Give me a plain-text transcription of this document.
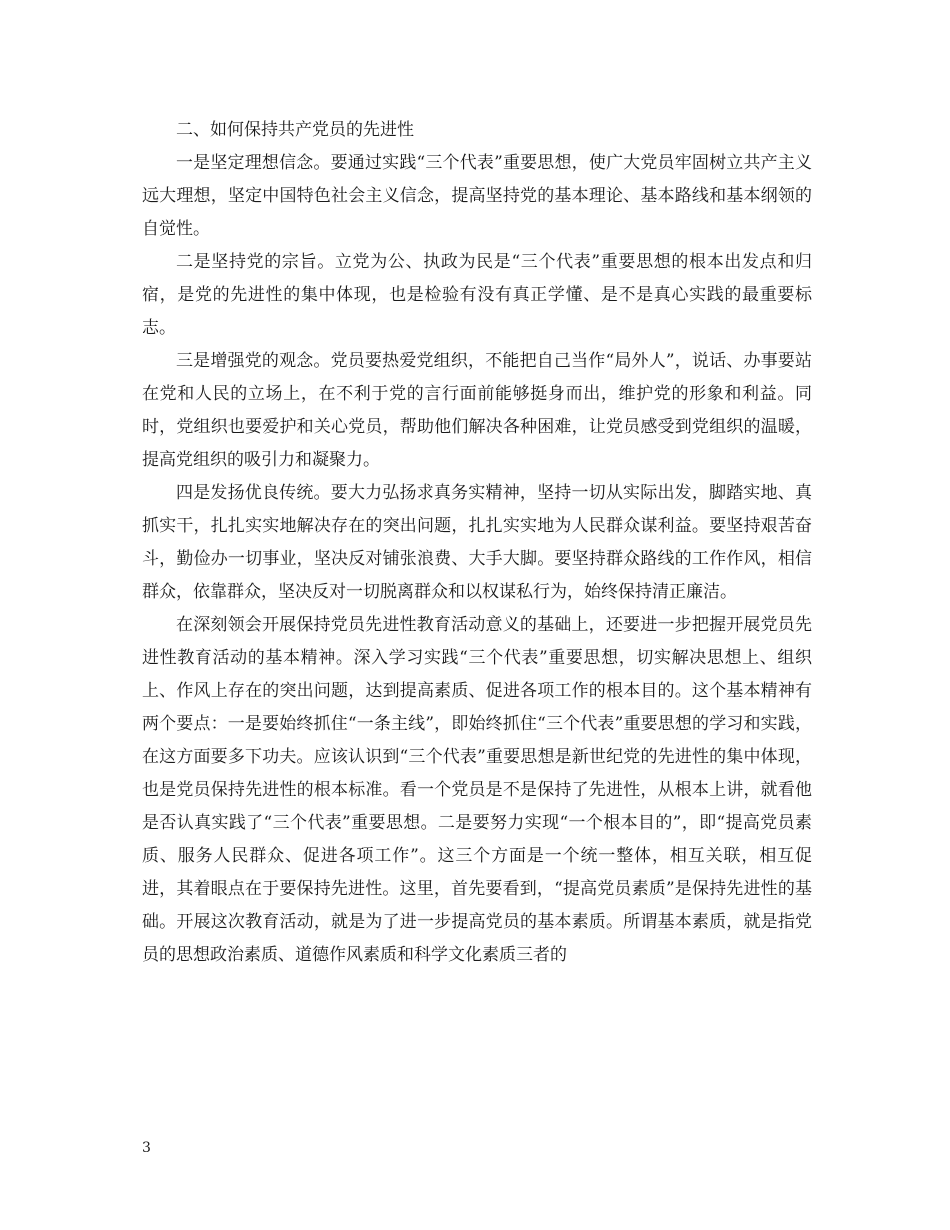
二、如何保持共产党员的先进性

一是坚定理想信念。要通过实践“三个代表”重要思想，使广大党员牢固树立共产主义远大理想，坚定中国特色社会主义信念，提高坚持党的基本理论、基本路线和基本纲领的自觉性。

二是坚持党的宗旨。立党为公、执政为民是“三个代表”重要思想的根本出发点和归宿，是党的先进性的集中体现，也是检验有没有真正学懂、是不是真心实践的最重要标志。

三是增强党的观念。党员要热爱党组织，不能把自己当作“局外人”，说话、办事要站在党和人民的立场上，在不利于党的言行面前能够挺身而出，维护党的形象和利益。同时，党组织也要爱护和关心党员，帮助他们解决各种困难，让党员感受到党组织的温暖，提高党组织的吸引力和凝聚力。

四是发扬优良传统。要大力弘扬求真务实精神，坚持一切从实际出发，脚踏实地、真抓实干，扎扎实实地解决存在的突出问题，扎扎实实地为人民群众谋利益。要坚持艰苦奋斗，勤俭办一切事业，坚决反对铺张浪费、大手大脚。要坚持群众路线的工作作风，相信群众，依靠群众，坚决反对一切脱离群众和以权谋私行为，始终保持清正廉洁。

在深刻领会开展保持党员先进性教育活动意义的基础上，还要进一步把握开展党员先进性教育活动的基本精神。深入学习实践“三个代表”重要思想，切实解决思想上、组织上、作风上存在的突出问题，达到提高素质、促进各项工作的根本目的。这个基本精神有两个要点：一是要始终抓住“一条主线”，即始终抓住“三个代表”重要思想的学习和实践，在这方面要多下功夫。应该认识到“三个代表”重要思想是新世纪党的先进性的集中体现，也是党员保持先进性的根本标准。看一个党员是不是保持了先进性，从根本上讲，就看他是否认真实践了“三个代表”重要思想。二是要努力实现“一个根本目的”，即“提高党员素质、服务人民群众、促进各项工作”。这三个方面是一个统一整体，相互关联，相互促进，其着眼点在于要保持先进性。这里，首先要看到，“提高党员素质”是保持先进性的基础。开展这次教育活动，就是为了进一步提高党员的基本素质。所谓基本素质，就是指党员的思想政治素质、道德作风素质和科学文化素质三者的

3
